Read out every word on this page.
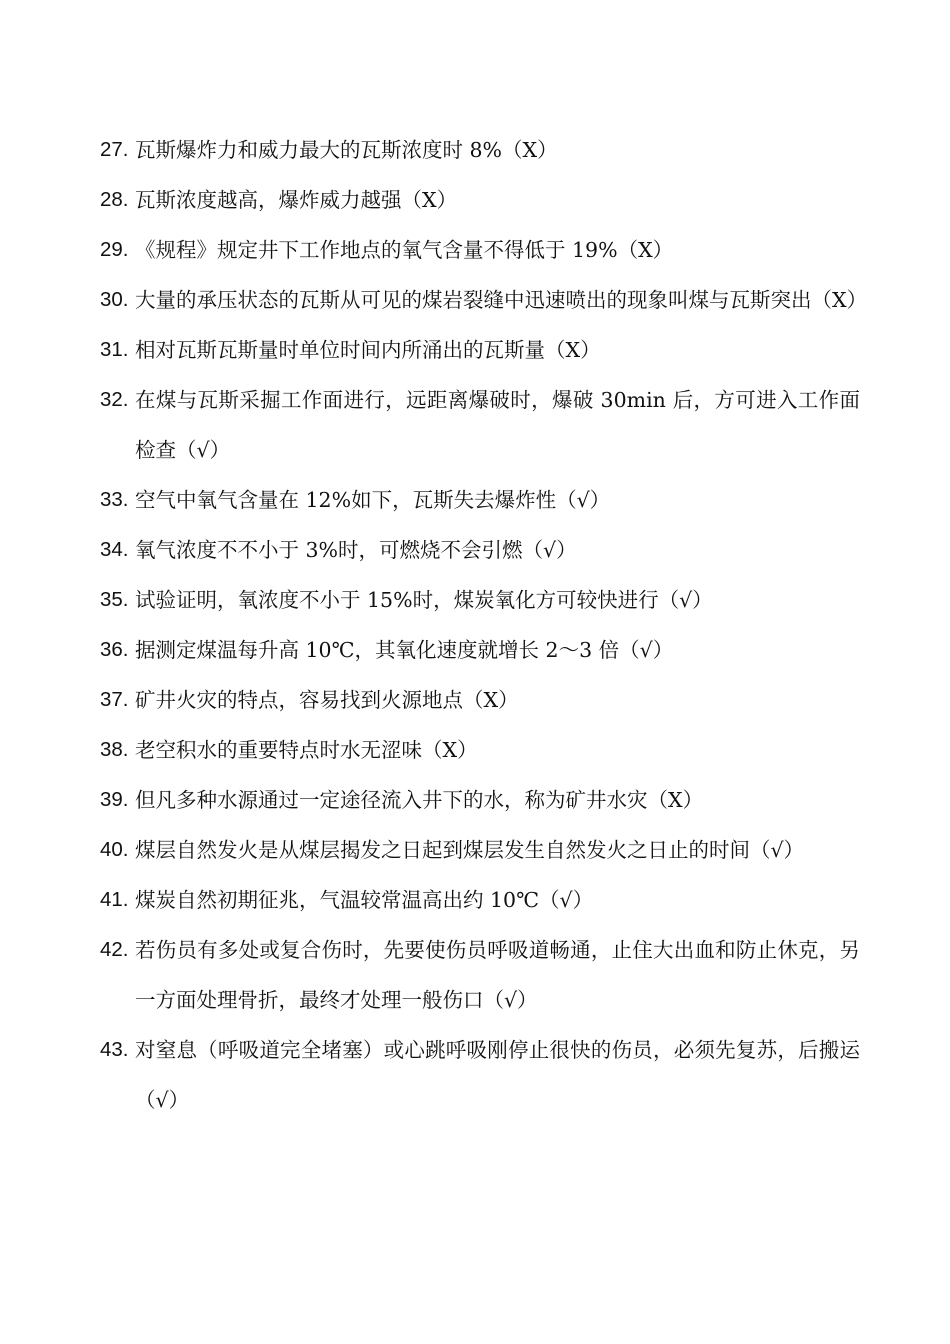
27. 瓦斯爆炸力和威力最大的瓦斯浓度时 8%（X）
28. 瓦斯浓度越高，爆炸威力越强（X）
29. 《规程》规定井下工作地点的氧气含量不得低于 19%（X）
30. 大量的承压状态的瓦斯从可见的煤岩裂缝中迅速喷出的现象叫煤与瓦斯突出（X）
31. 相对瓦斯瓦斯量时单位时间内所涌出的瓦斯量（X）
32. 在煤与瓦斯采掘工作面进行，远距离爆破时，爆破 30min 后，方可进入工作面检查（√）
33. 空气中氧气含量在 12%如下，瓦斯失去爆炸性（√）
34. 氧气浓度不不小于 3%时，可燃烧不会引燃（√）
35. 试验证明，氧浓度不小于 15%时，煤炭氧化方可较快进行（√）
36. 据测定煤温每升高 10℃，其氧化速度就增长 2～3 倍（√）
37. 矿井火灾的特点，容易找到火源地点（X）
38. 老空积水的重要特点时水无涩味（X）
39. 但凡多种水源通过一定途径流入井下的水，称为矿井水灾（X）
40. 煤层自然发火是从煤层揭发之日起到煤层发生自然发火之日止的时间（√）
41. 煤炭自然初期征兆，气温较常温高出约 10℃（√）
42. 若伤员有多处或复合伤时，先要使伤员呼吸道畅通，止住大出血和防止休克，另一方面处理骨折，最终才处理一般伤口（√）
43. 对窒息（呼吸道完全堵塞）或心跳呼吸刚停止很快的伤员，必须先复苏，后搬运（√）
